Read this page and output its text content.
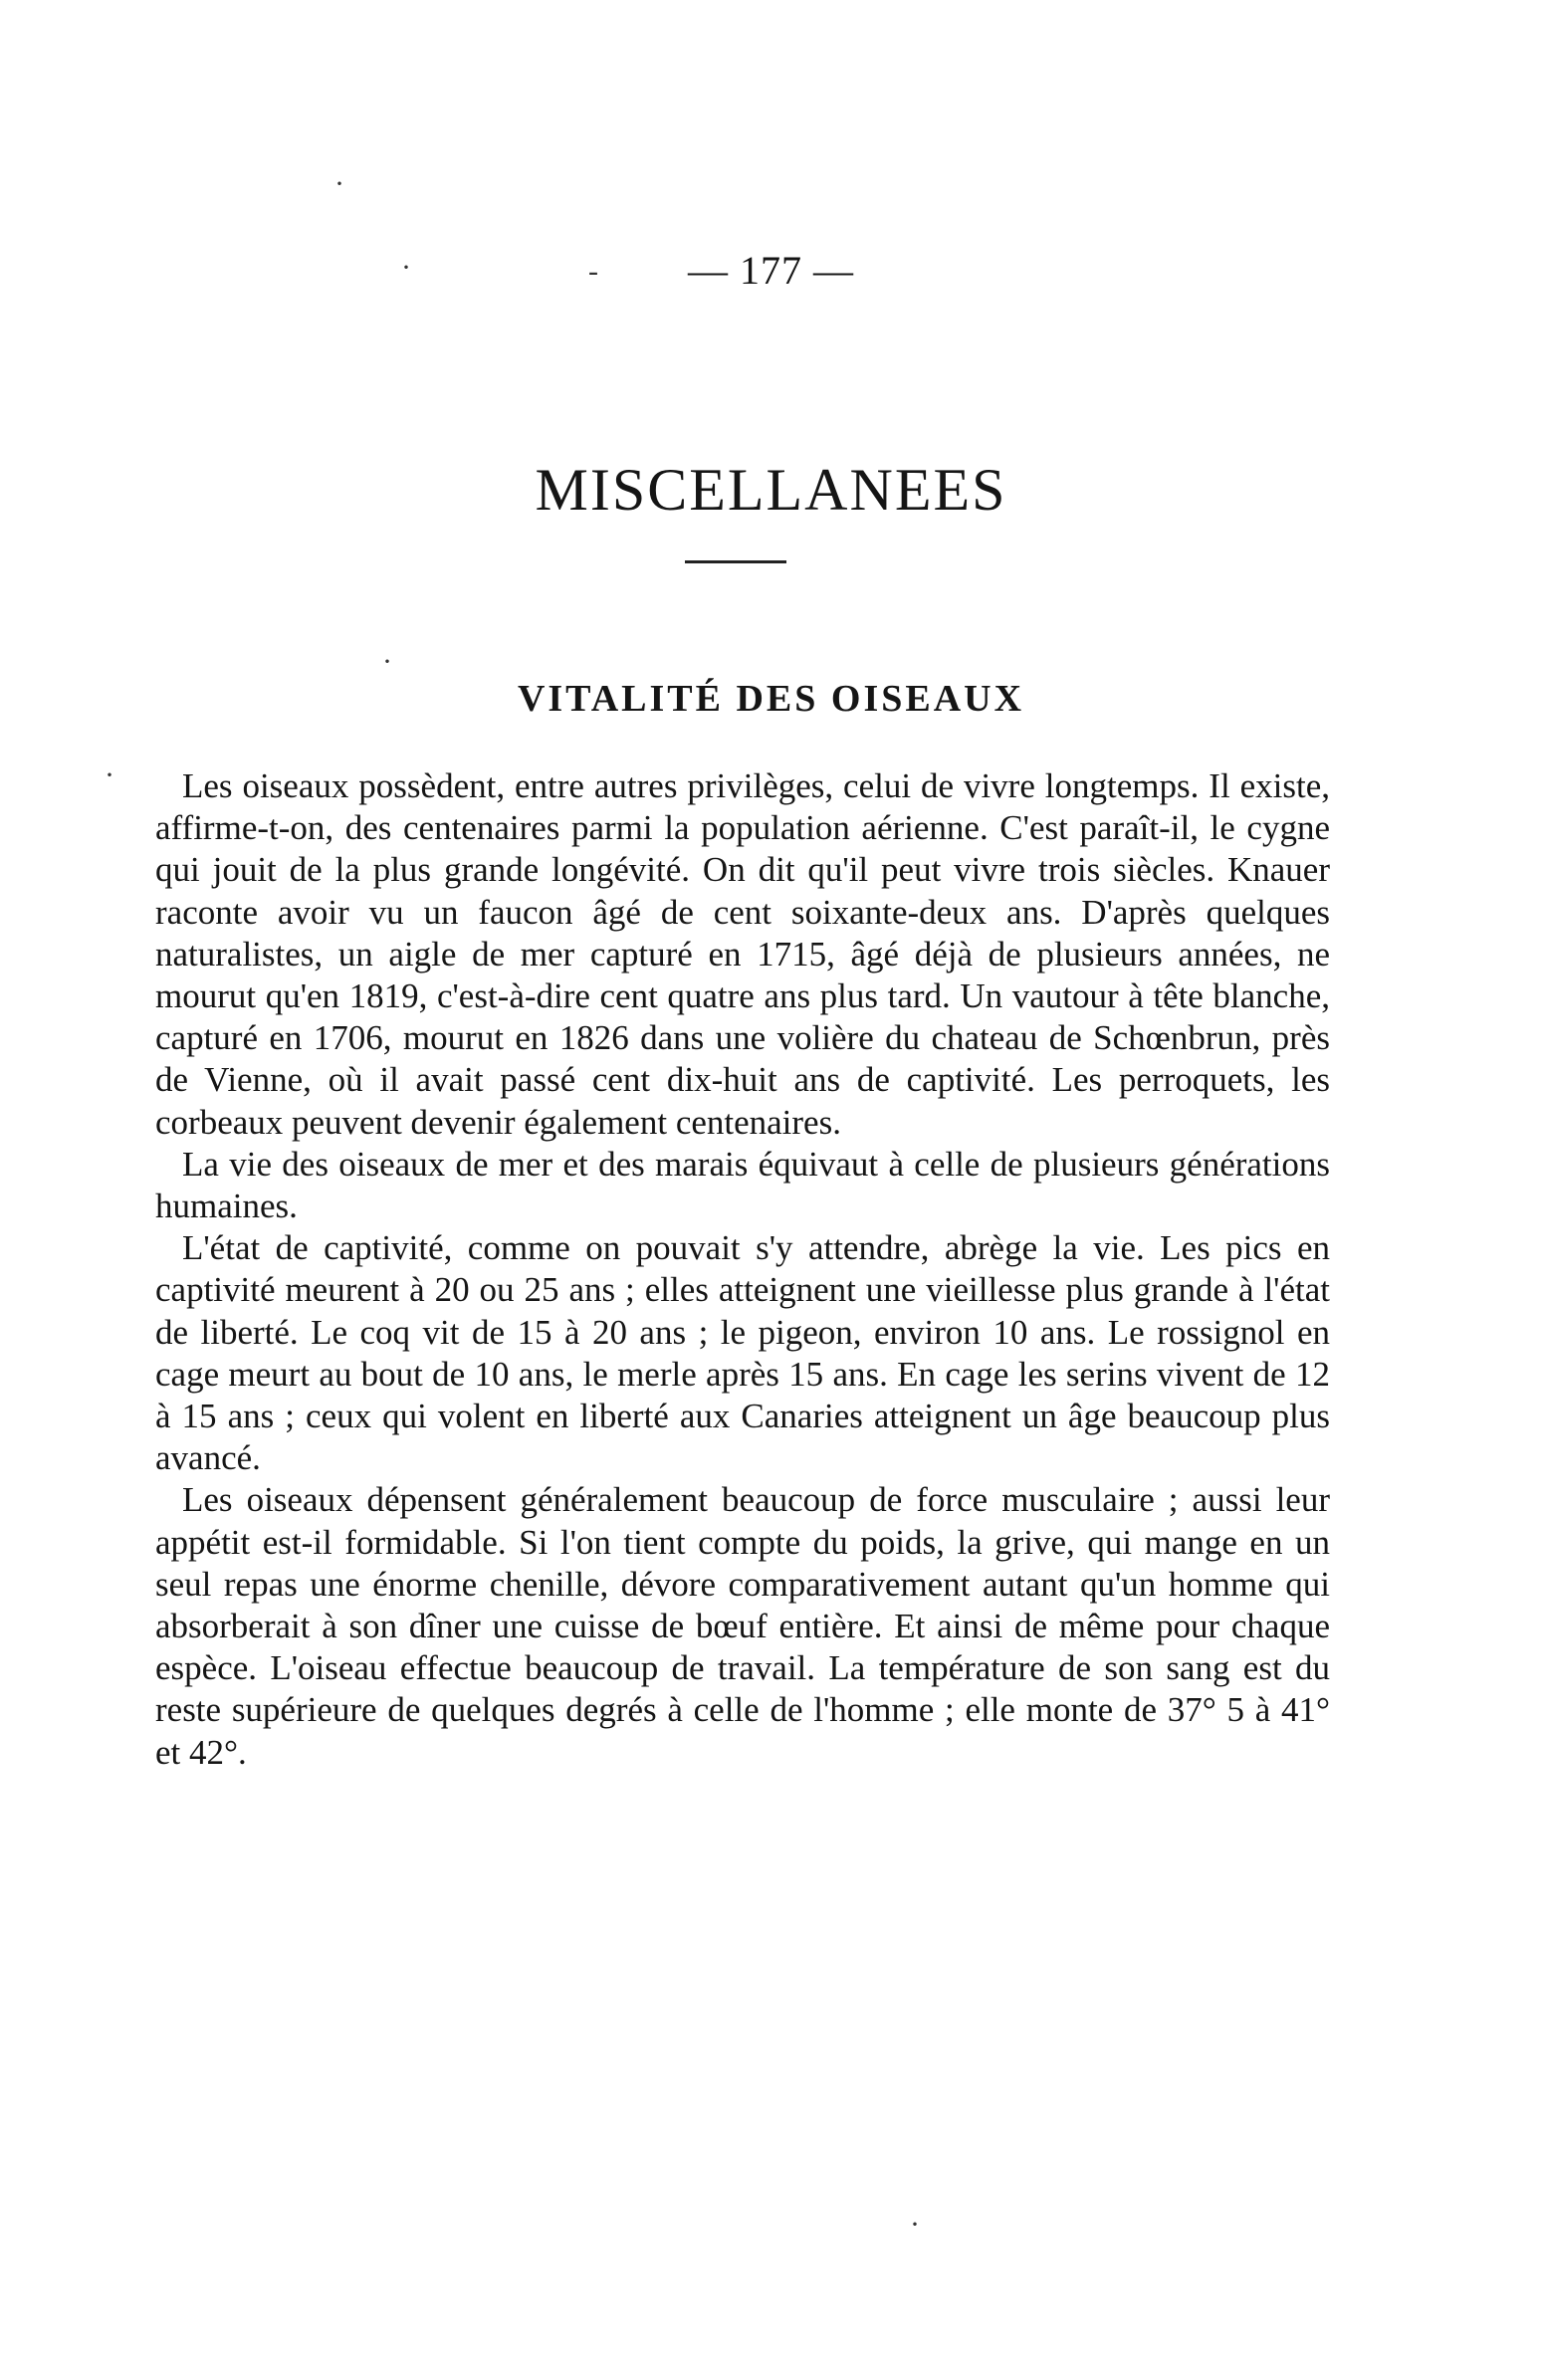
·
·	-
·
·
·
— 177 —
MISCELLANEES
VITALITÉ DES OISEAUX

Les oiseaux possèdent, entre autres privilèges, celui de vivre longtemps. Il existe, affirme-t-on, des centenaires parmi la population aérienne. C'est paraît-il, le cygne qui jouit de la plus grande longévité. On dit qu'il peut vivre trois siècles. Knauer raconte avoir vu un faucon âgé de cent soixante-deux ans. D'après quelques naturalistes, un aigle de mer capturé en 1715, âgé déjà de plusieurs années, ne mourut qu'en 1819, c'est-à-dire cent quatre ans plus tard. Un vautour à tête blanche, capturé en 1706, mourut en 1826 dans une volière du chateau de Schœnbrun, près de Vienne, où il avait passé cent dix-huit ans de captivité. Les perroquets, les corbeaux peuvent devenir également centenaires.

La vie des oiseaux de mer et des marais équivaut à celle de plusieurs générations humaines.

L'état de captivité, comme on pouvait s'y attendre, abrège la vie. Les pics en captivité meurent à 20 ou 25 ans ; elles atteignent une vieillesse plus grande à l'état de liberté. Le coq vit de 15 à 20 ans ; le pigeon, environ 10 ans. Le rossignol en cage meurt au bout de 10 ans, le merle après 15 ans. En cage les serins vivent de 12 à 15 ans ; ceux qui volent en liberté aux Canaries atteignent un âge beaucoup plus avancé.

Les oiseaux dépensent généralement beaucoup de force musculaire ; aussi leur appétit est-il formidable. Si l'on tient compte du poids, la grive, qui mange en un seul repas une énorme chenille, dévore comparativement autant qu'un homme qui absorberait à son dîner une cuisse de bœuf entière. Et ainsi de même pour chaque espèce. L'oiseau effectue beaucoup de travail. La température de son sang est du reste supérieure de quelques degrés à celle de l'homme ; elle monte de 37° 5 à 41° et 42°.
